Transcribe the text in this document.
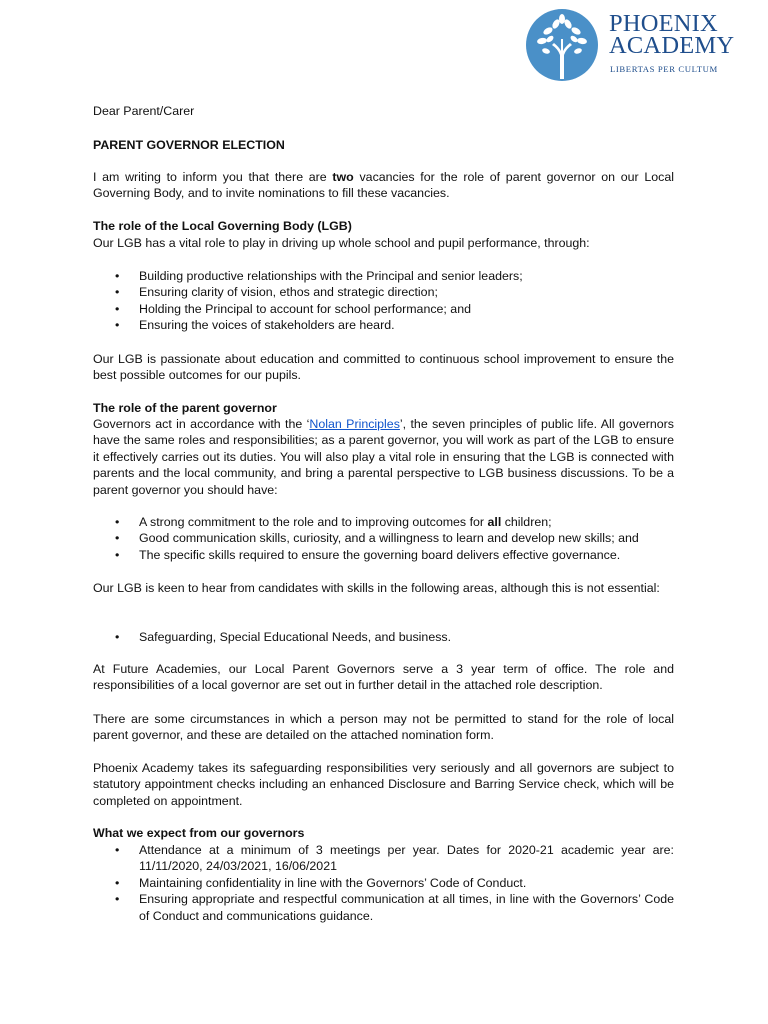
PHOENIX
ACADEMY
LIBERTAS PER CULTUM
Dear Parent/Carer
PARENT GOVERNOR ELECTION
I am writing to inform you that there are two vacancies for the role of parent governor on our Local Governing Body, and to invite nominations to fill these vacancies.
The role of the Local Governing Body (LGB)
Our LGB has a vital role to play in driving up whole school and pupil performance, through:
• Building productive relationships with the Principal and senior leaders;
• Ensuring clarity of vision, ethos and strategic direction;
• Holding the Principal to account for school performance; and
• Ensuring the voices of stakeholders are heard.
Our LGB is passionate about education and committed to continuous school improvement to ensure the best possible outcomes for our pupils.
The role of the parent governor
Governors act in accordance with the ‘Nolan Principles’, the seven principles of public life. All governors have the same roles and responsibilities; as a parent governor, you will work as part of the LGB to ensure it effectively carries out its duties. You will also play a vital role in ensuring that the LGB is connected with parents and the local community, and bring a parental perspective to LGB business discussions. To be a parent governor you should have:
• A strong commitment to the role and to improving outcomes for all children;
• Good communication skills, curiosity, and a willingness to learn and develop new skills; and
• The specific skills required to ensure the governing board delivers effective governance.
Our LGB is keen to hear from candidates with skills in the following areas, although this is not essential:
• Safeguarding, Special Educational Needs, and business.
At Future Academies, our Local Parent Governors serve a 3 year term of office. The role and responsibilities of a local governor are set out in further detail in the attached role description.
There are some circumstances in which a person may not be permitted to stand for the role of local parent governor, and these are detailed on the attached nomination form.
Phoenix Academy takes its safeguarding responsibilities very seriously and all governors are subject to statutory appointment checks including an enhanced Disclosure and Barring Service check, which will be completed on appointment.
What we expect from our governors
• Attendance at a minimum of 3 meetings per year. Dates for 2020-21 academic year are: 11/11/2020, 24/03/2021, 16/06/2021
• Maintaining confidentiality in line with the Governors’ Code of Conduct.
• Ensuring appropriate and respectful communication at all times, in line with the Governors’ Code of Conduct and communications guidance.
